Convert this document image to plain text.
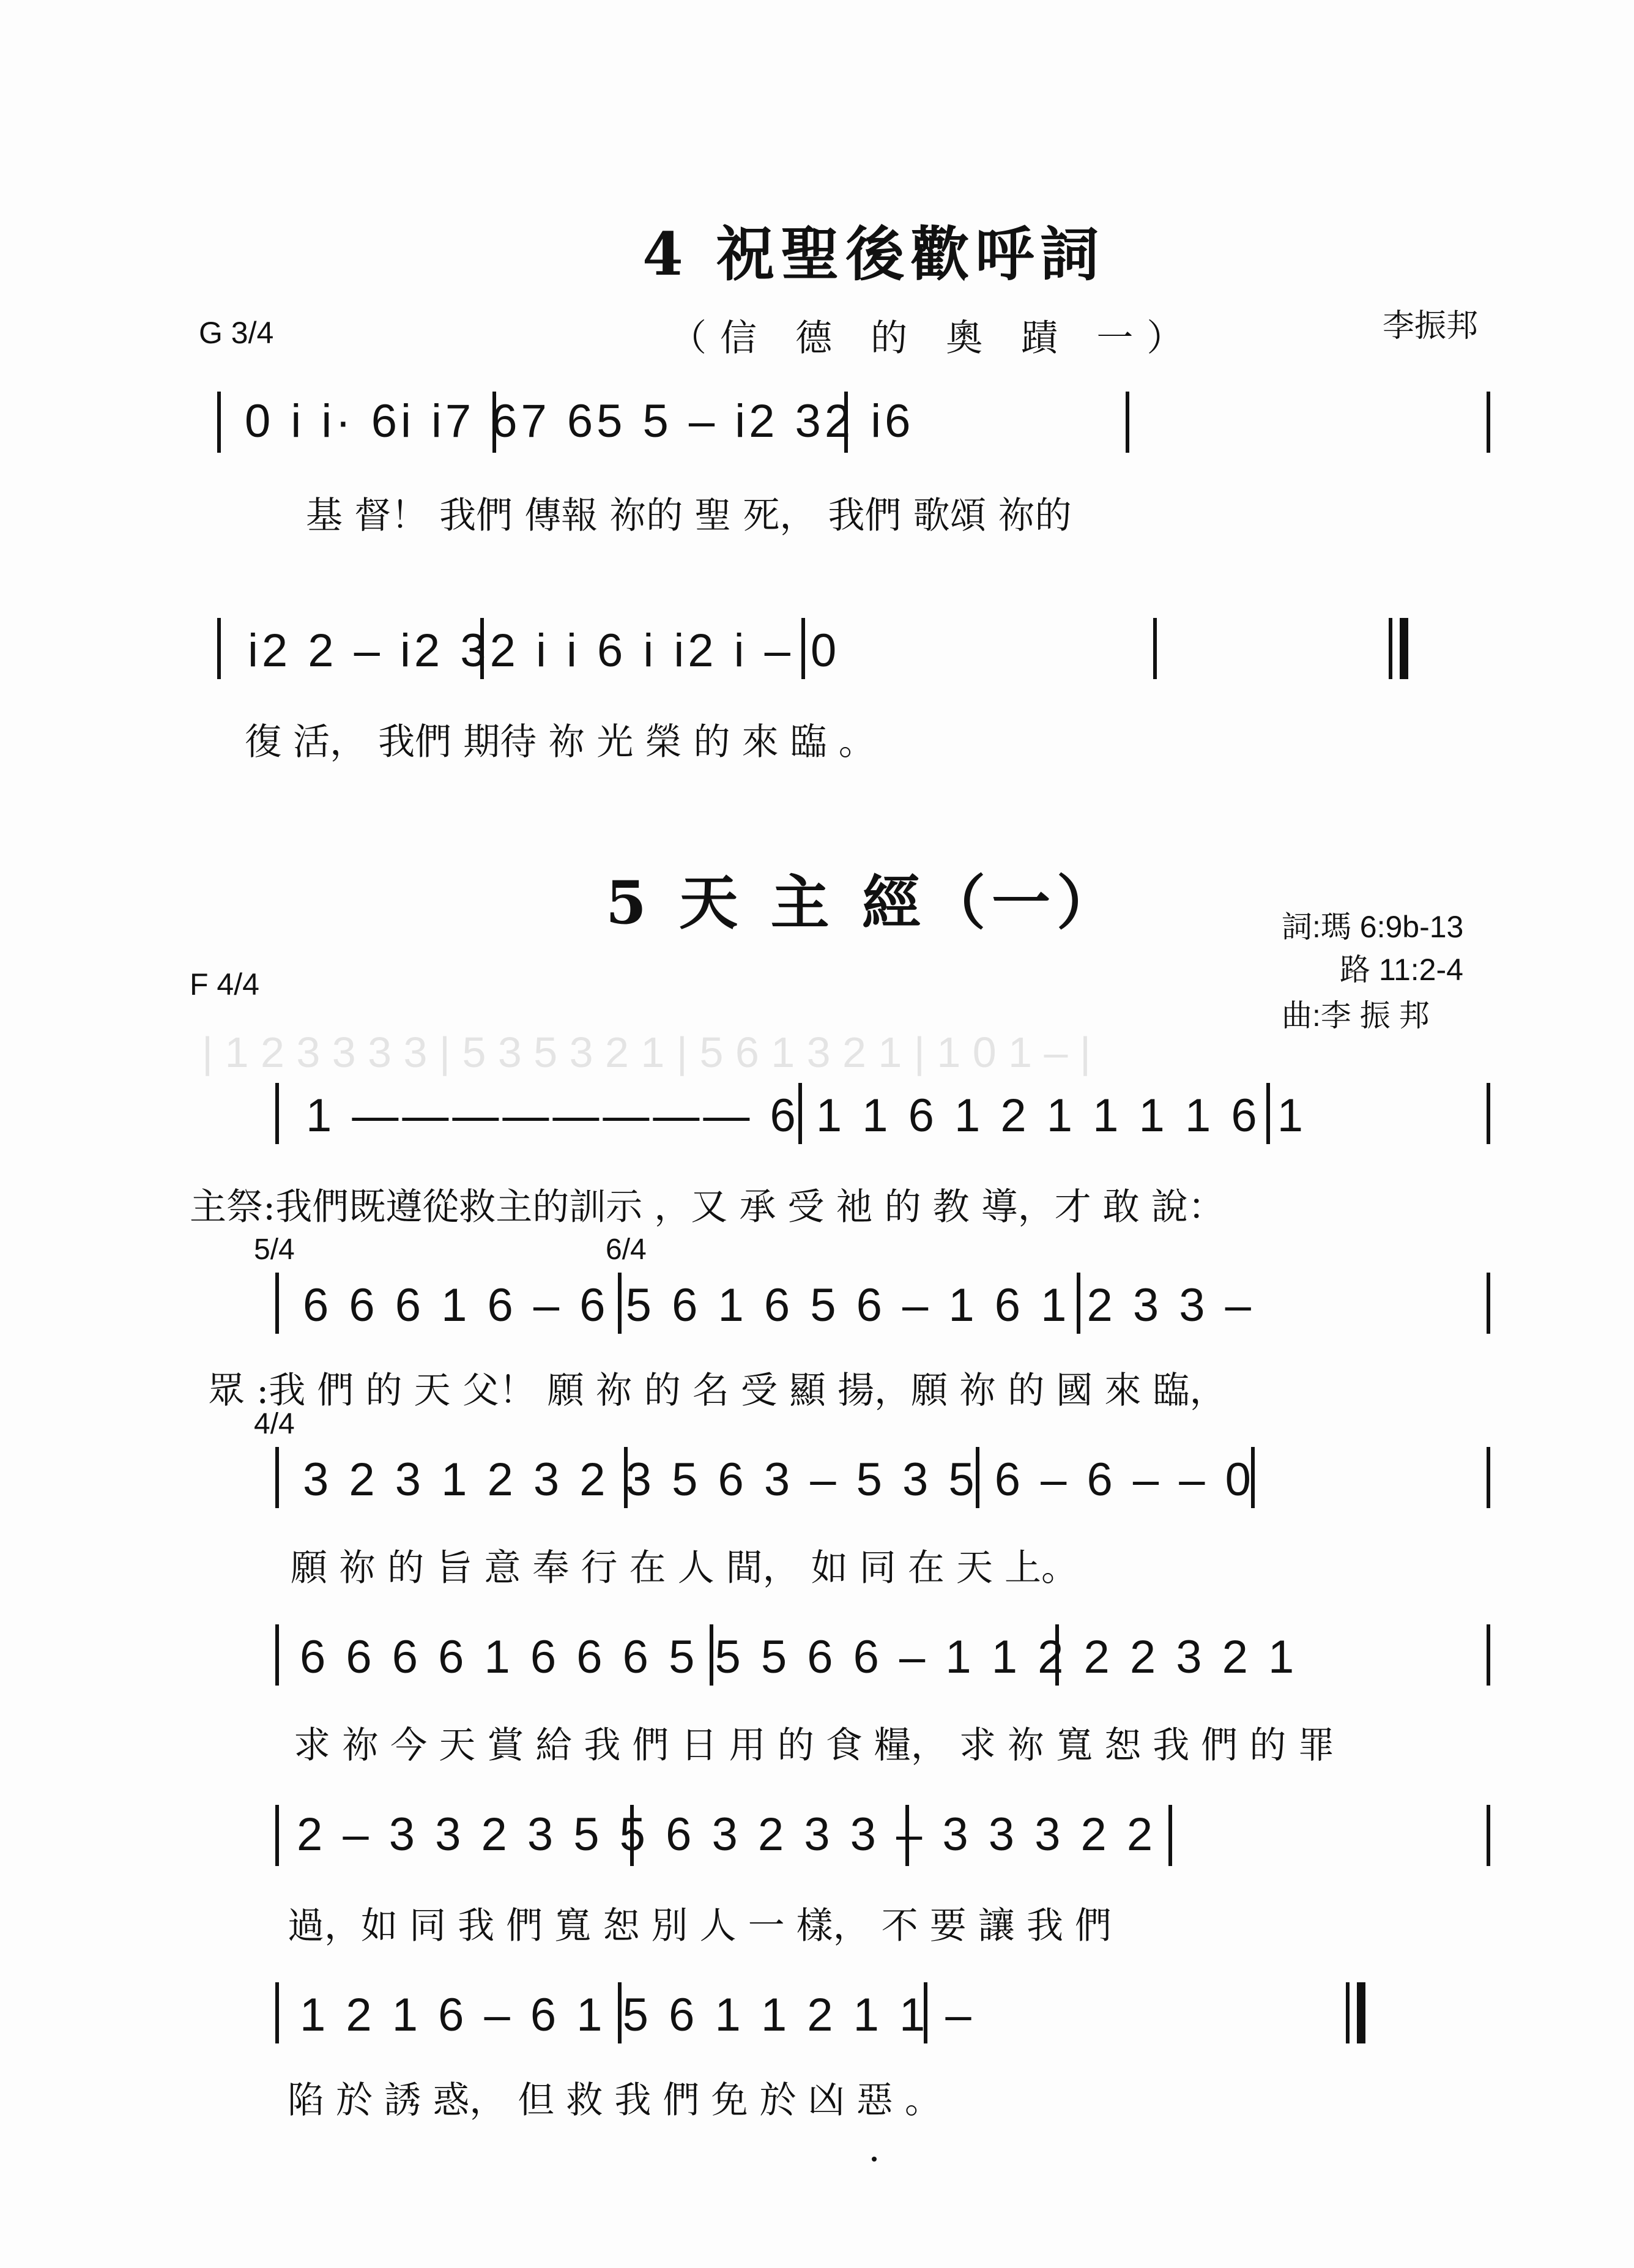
| 1 2 3 3 3 3 | 5 3 5 3 2 1 | 5 6 1 3 2 1 | 1 0 1 – |
4 祝聖後歡呼詞
G 3/4	（信 德 的 奧 蹟 一）	李振邦
0 i i· 6i i7 67 65 5 – i2 32 i6
基 督！ 我們 傳報 祢的 聖 死， 我們 歌頌 祢的
i2 2 – i2 32 i i 6 i i2 i – 0
復 活， 我們 期待 祢 光 榮 的 來 臨 。
5 天 主 經（一）	詞:瑪 6:9b-13
路 11:2-4
曲:李 振 邦
F 4/4
1 ———————— 6 1 1 6 1 2 1 1 1 1 6 1
主祭:我們既遵從救主的訓示 ，又 承 受 祂 的 教 導，才 敢 說：
5/4	6/4
6 6 6 1 6 – 6 5 6 1 6 5 6 – 1 6 1 2 3 3 –
眾 :我 們 的 天 父！ 願 祢 的 名 受 顯 揚，願 祢 的 國 來 臨，
4/4
3 2 3 1 2 3 2 3 5 6 3 – 5 3 5 6 – 6 – – 0
願 祢 的 旨 意 奉 行 在 人 間， 如 同 在 天 上。
6 6 6 6 1 6 6 6 5 5 5 6 6 – 1 1 2 2 2 3 2 1
求 祢 今 天 賞 給 我 們 日 用 的 食 糧， 求 祢 寬 恕 我 們 的 罪
2 – 3 3 2 3 5 5 6 3 2 3 3 – 3 3 3 2 2
過，如 同 我 們 寬 恕 別 人 一 樣， 不 要 讓 我 們
1 2 1 6 – 6 1 5 6 1 1 2 1 1 –
陷 於 誘 惑， 但 救 我 們 免 於 凶 惡 。
